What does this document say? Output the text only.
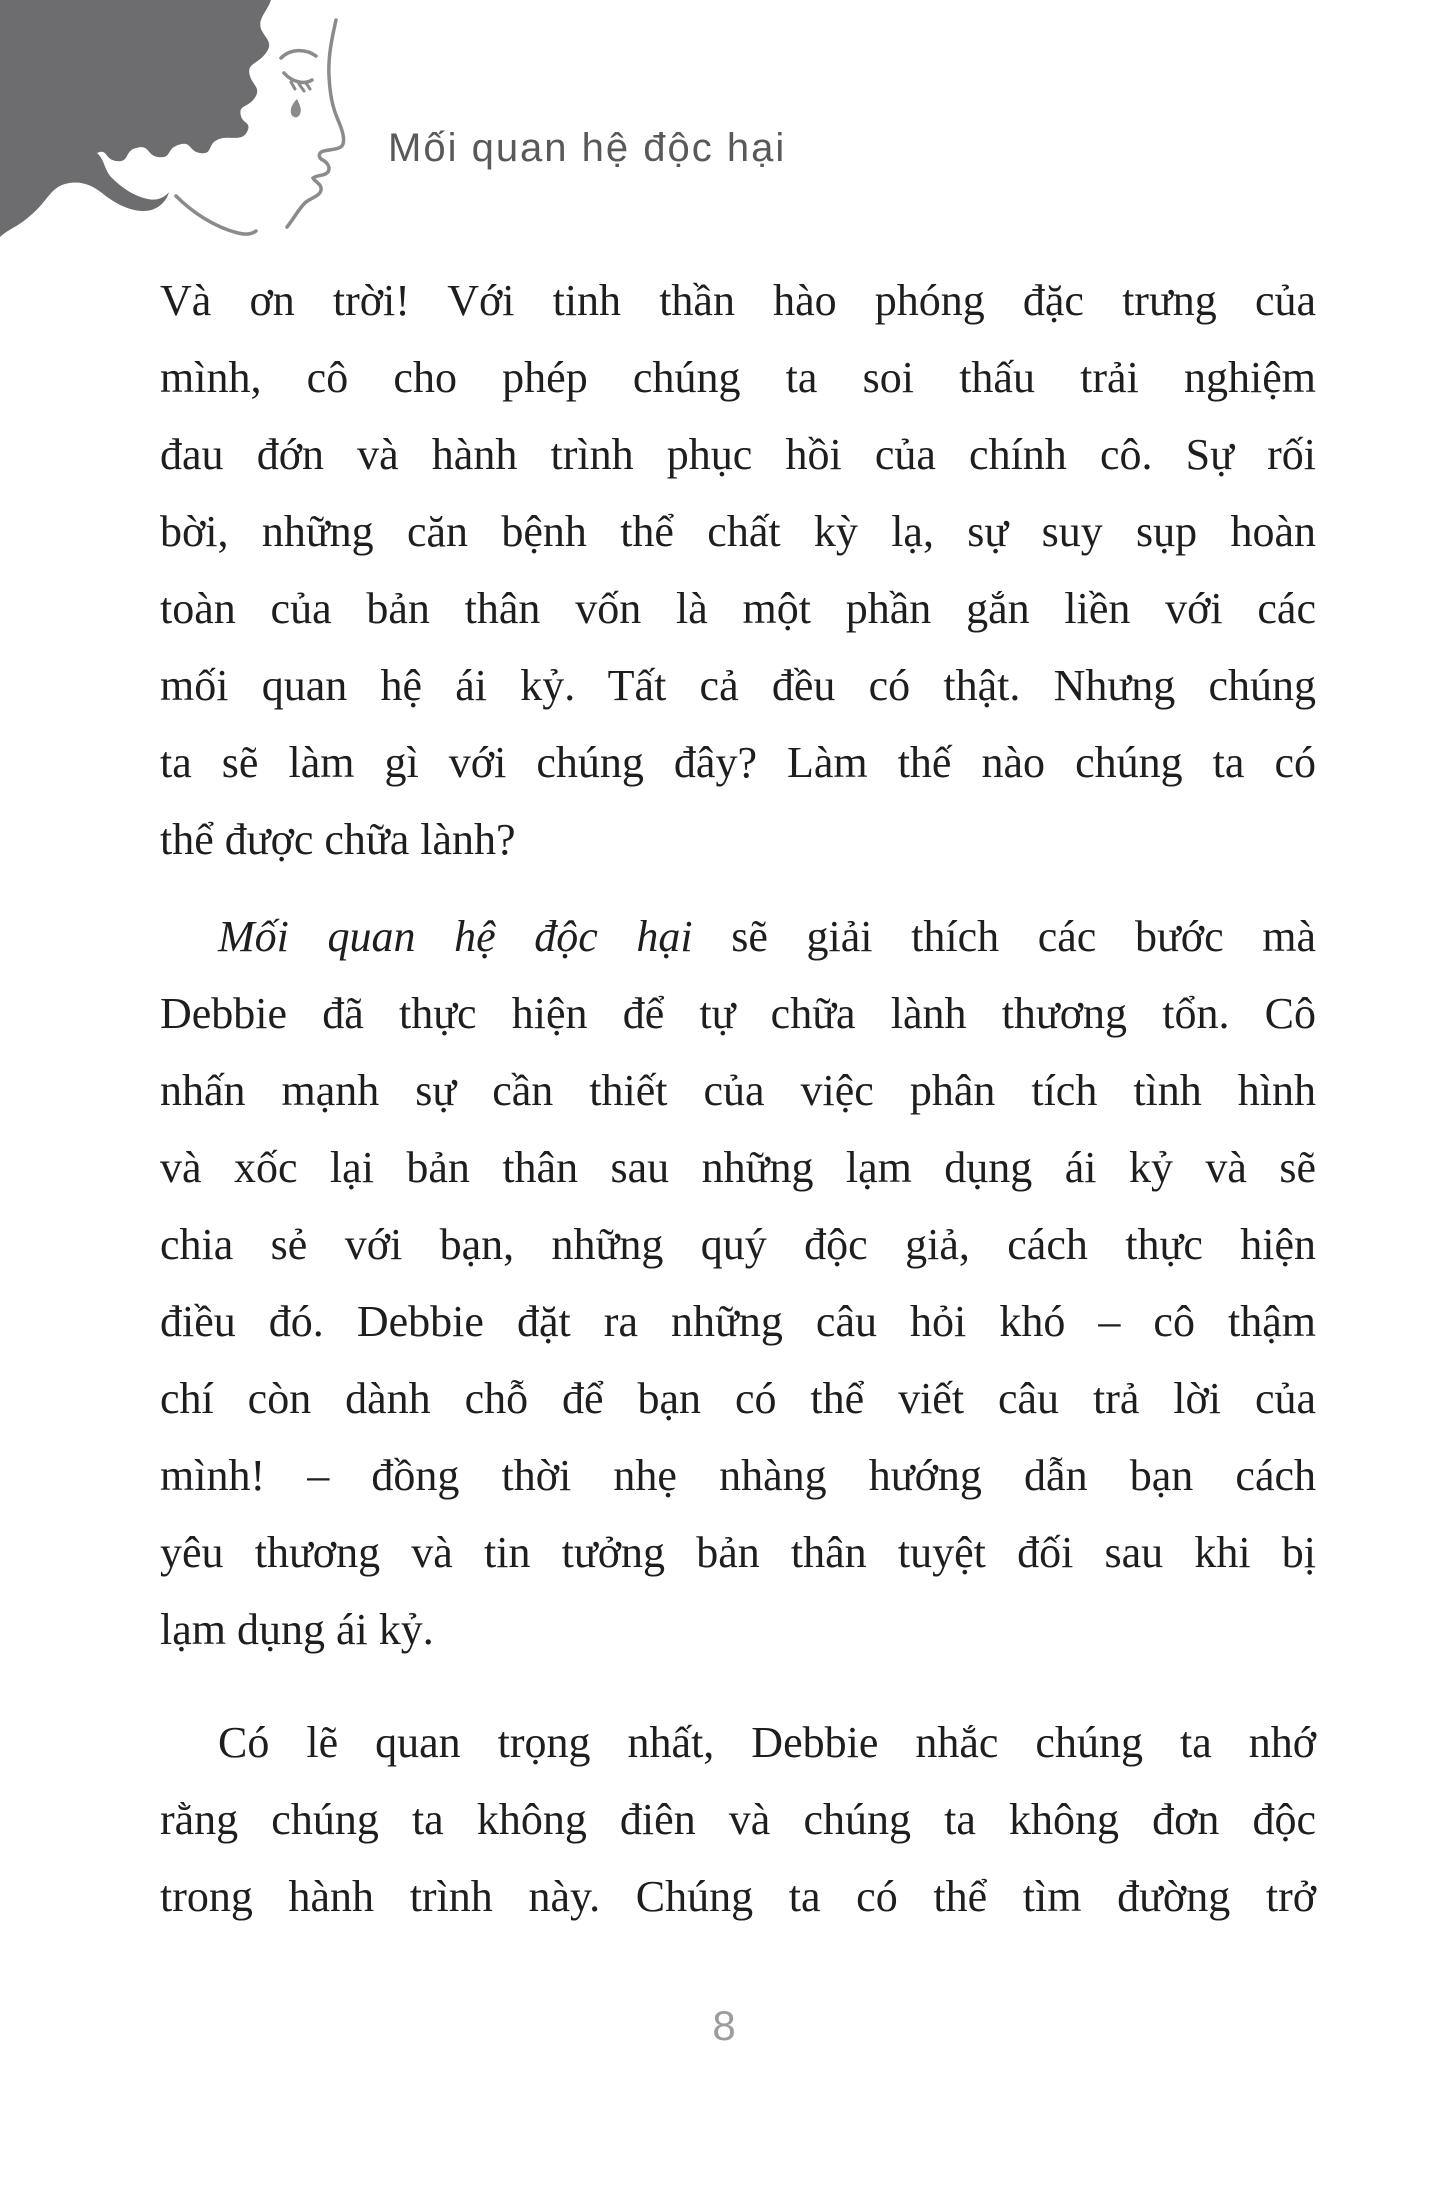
Mối quan hệ độc hại
Và ơn trời! Với tinh thần hào phóng đặc trưng của
mình, cô cho phép chúng ta soi thấu trải nghiệm
đau đớn và hành trình phục hồi của chính cô. Sự rối
bời, những căn bệnh thể chất kỳ lạ, sự suy sụp hoàn
toàn của bản thân vốn là một phần gắn liền với các
mối quan hệ ái kỷ. Tất cả đều có thật. Nhưng chúng
ta sẽ làm gì với chúng đây? Làm thế nào chúng ta có
thể được chữa lành?
Mối quan hệ độc hại sẽ giải thích các bước mà
Debbie đã thực hiện để tự chữa lành thương tổn. Cô
nhấn mạnh sự cần thiết của việc phân tích tình hình
và xốc lại bản thân sau những lạm dụng ái kỷ và sẽ
chia sẻ với bạn, những quý độc giả, cách thực hiện
điều đó. Debbie đặt ra những câu hỏi khó – cô thậm
chí còn dành chỗ để bạn có thể viết câu trả lời của
mình! – đồng thời nhẹ nhàng hướng dẫn bạn cách
yêu thương và tin tưởng bản thân tuyệt đối sau khi bị
lạm dụng ái kỷ.
Có lẽ quan trọng nhất, Debbie nhắc chúng ta nhớ
rằng chúng ta không điên và chúng ta không đơn độc
trong hành trình này. Chúng ta có thể tìm đường trở
8
